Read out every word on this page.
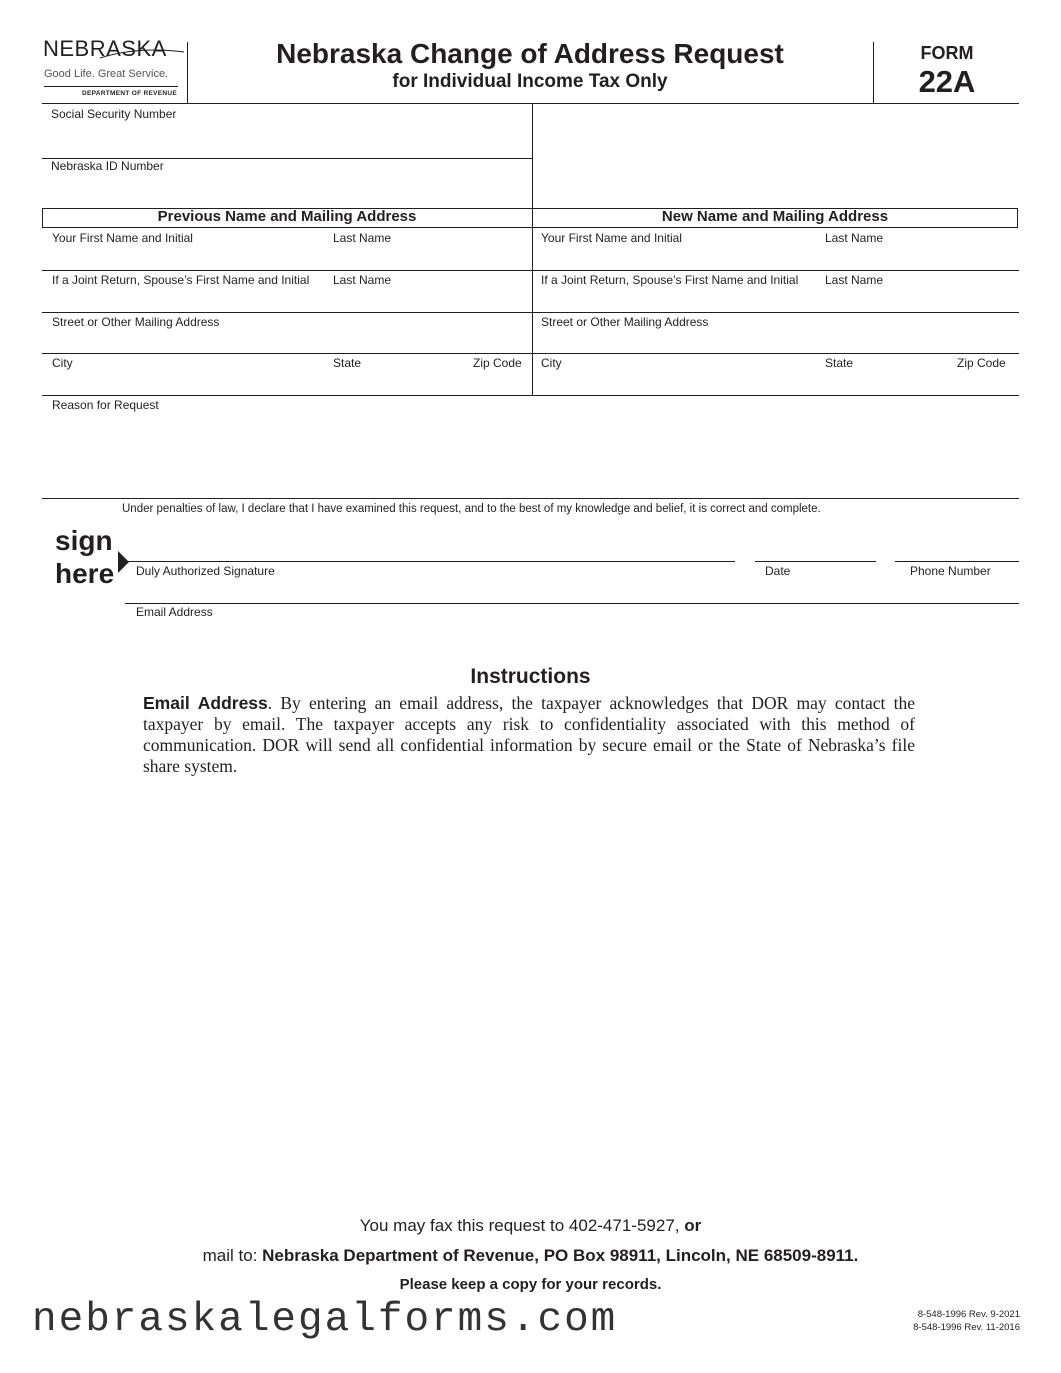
NEBRASKA
Good Life. Great Service.
DEPARTMENT OF REVENUE
Nebraska Change of Address Request
for Individual Income Tax Only
FORM
22A
Social Security Number
Nebraska ID Number
Previous Name and Mailing Address	New Name and Mailing Address
Your First Name and Initial	Last Name
If a Joint Return, Spouse’s First Name and Initial Last Name
Street or Other Mailing Address
City	State	Zip Code
Your First Name and Initial	Last Name
If a Joint Return, Spouse’s First Name and Initial Last Name
Street or Other Mailing Address
City	State	Zip Code
Reason for Request
Under penalties of law, I declare that I have examined this request, and to the best of my knowledge and belief, it is correct and complete.
sign
here Duly Authorized Signature	Date	Phone Number
Email Address
Instructions
Email Address. By entering an email address, the taxpayer acknowledges that DOR may contact the taxpayer by email. The taxpayer accepts any risk to confidentiality associated with this method of communication. DOR will send all confidential information by secure email or the State of Nebraska’s file share system.
You may fax this request to 402-471-5927, or
mail to: Nebraska Department of Revenue, PO Box 98911, Lincoln, NE 68509-8911.
Please keep a copy for your records.
nebraskalegalforms.com	8-548-1996 Rev. 9-2021
8-548-1996 Rev. 11-2016
